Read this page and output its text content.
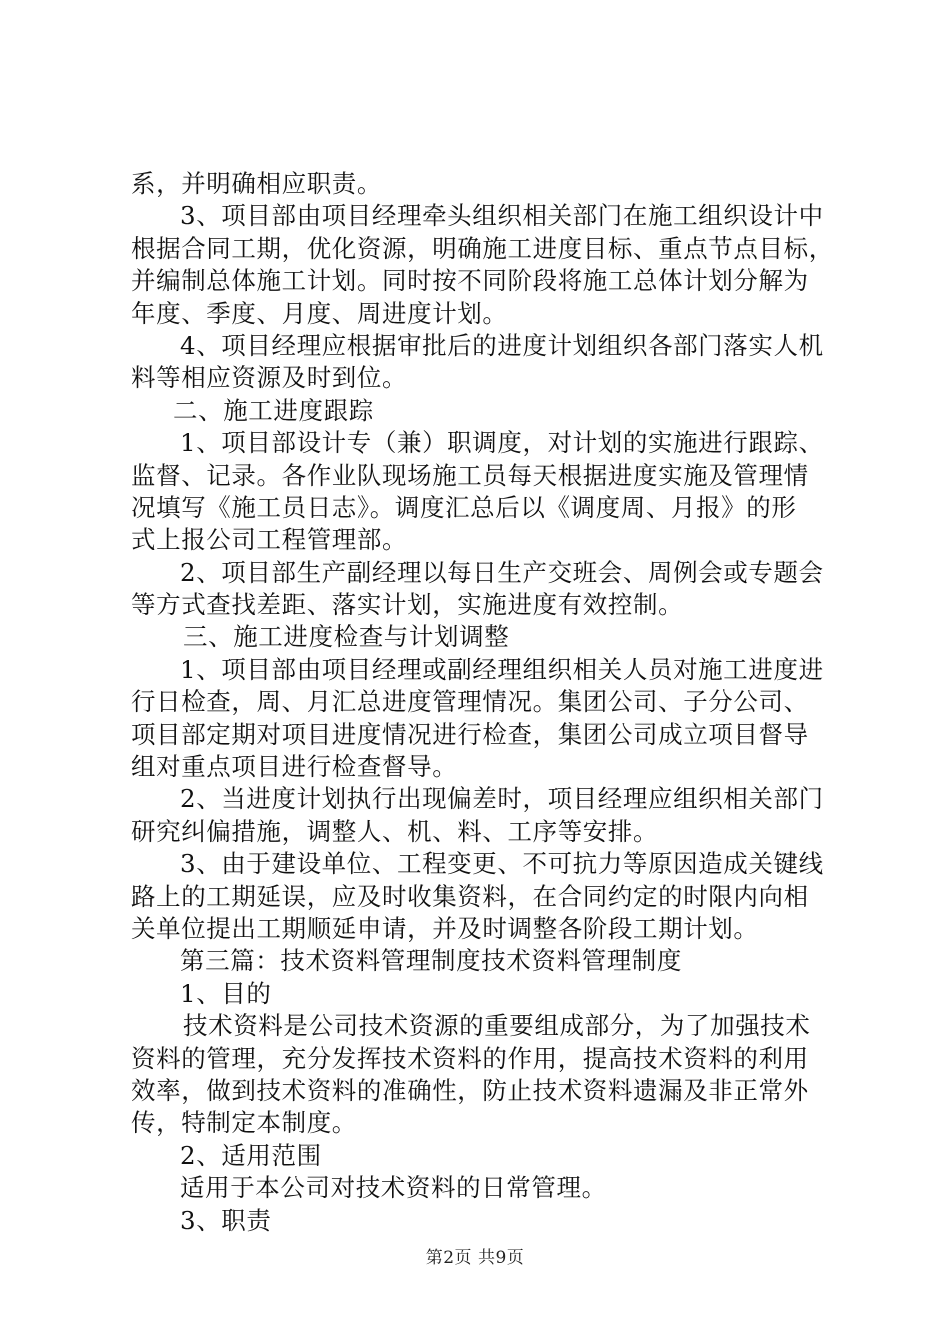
系，并明确相应职责。
3、项目部由项目经理牵头组织相关部门在施工组织设计中
根据合同工期，优化资源，明确施工进度目标、重点节点目标，
并编制总体施工计划。同时按不同阶段将施工总体计划分解为
年度、季度、月度、周进度计划。
4、项目经理应根据审批后的进度计划组织各部门落实人机
料等相应资源及时到位。
二、施工进度跟踪
1、项目部设计专（兼）职调度，对计划的实施进行跟踪、
监督、记录。各作业队现场施工员每天根据进度实施及管理情
况填写《施工员日志》。调度汇总后以《调度周、月报》的形
式上报公司工程管理部。
2、项目部生产副经理以每日生产交班会、周例会或专题会
等方式查找差距、落实计划，实施进度有效控制。
三、施工进度检查与计划调整
1、项目部由项目经理或副经理组织相关人员对施工进度进
行日检查，周、月汇总进度管理情况。集团公司、子分公司、
项目部定期对项目进度情况进行检查，集团公司成立项目督导
组对重点项目进行检查督导。
2、当进度计划执行出现偏差时，项目经理应组织相关部门
研究纠偏措施，调整人、机、料、工序等安排。
3、由于建设单位、工程变更、不可抗力等原因造成关键线
路上的工期延误，应及时收集资料，在合同约定的时限内向相
关单位提出工期顺延申请，并及时调整各阶段工期计划。
第三篇：技术资料管理制度技术资料管理制度
1、目的
技术资料是公司技术资源的重要组成部分，为了加强技术
资料的管理，充分发挥技术资料的作用，提高技术资料的利用
效率，做到技术资料的准确性，防止技术资料遗漏及非正常外
传，特制定本制度。
2、适用范围
适用于本公司对技术资料的日常管理。
3、职责
第2页 共9页
